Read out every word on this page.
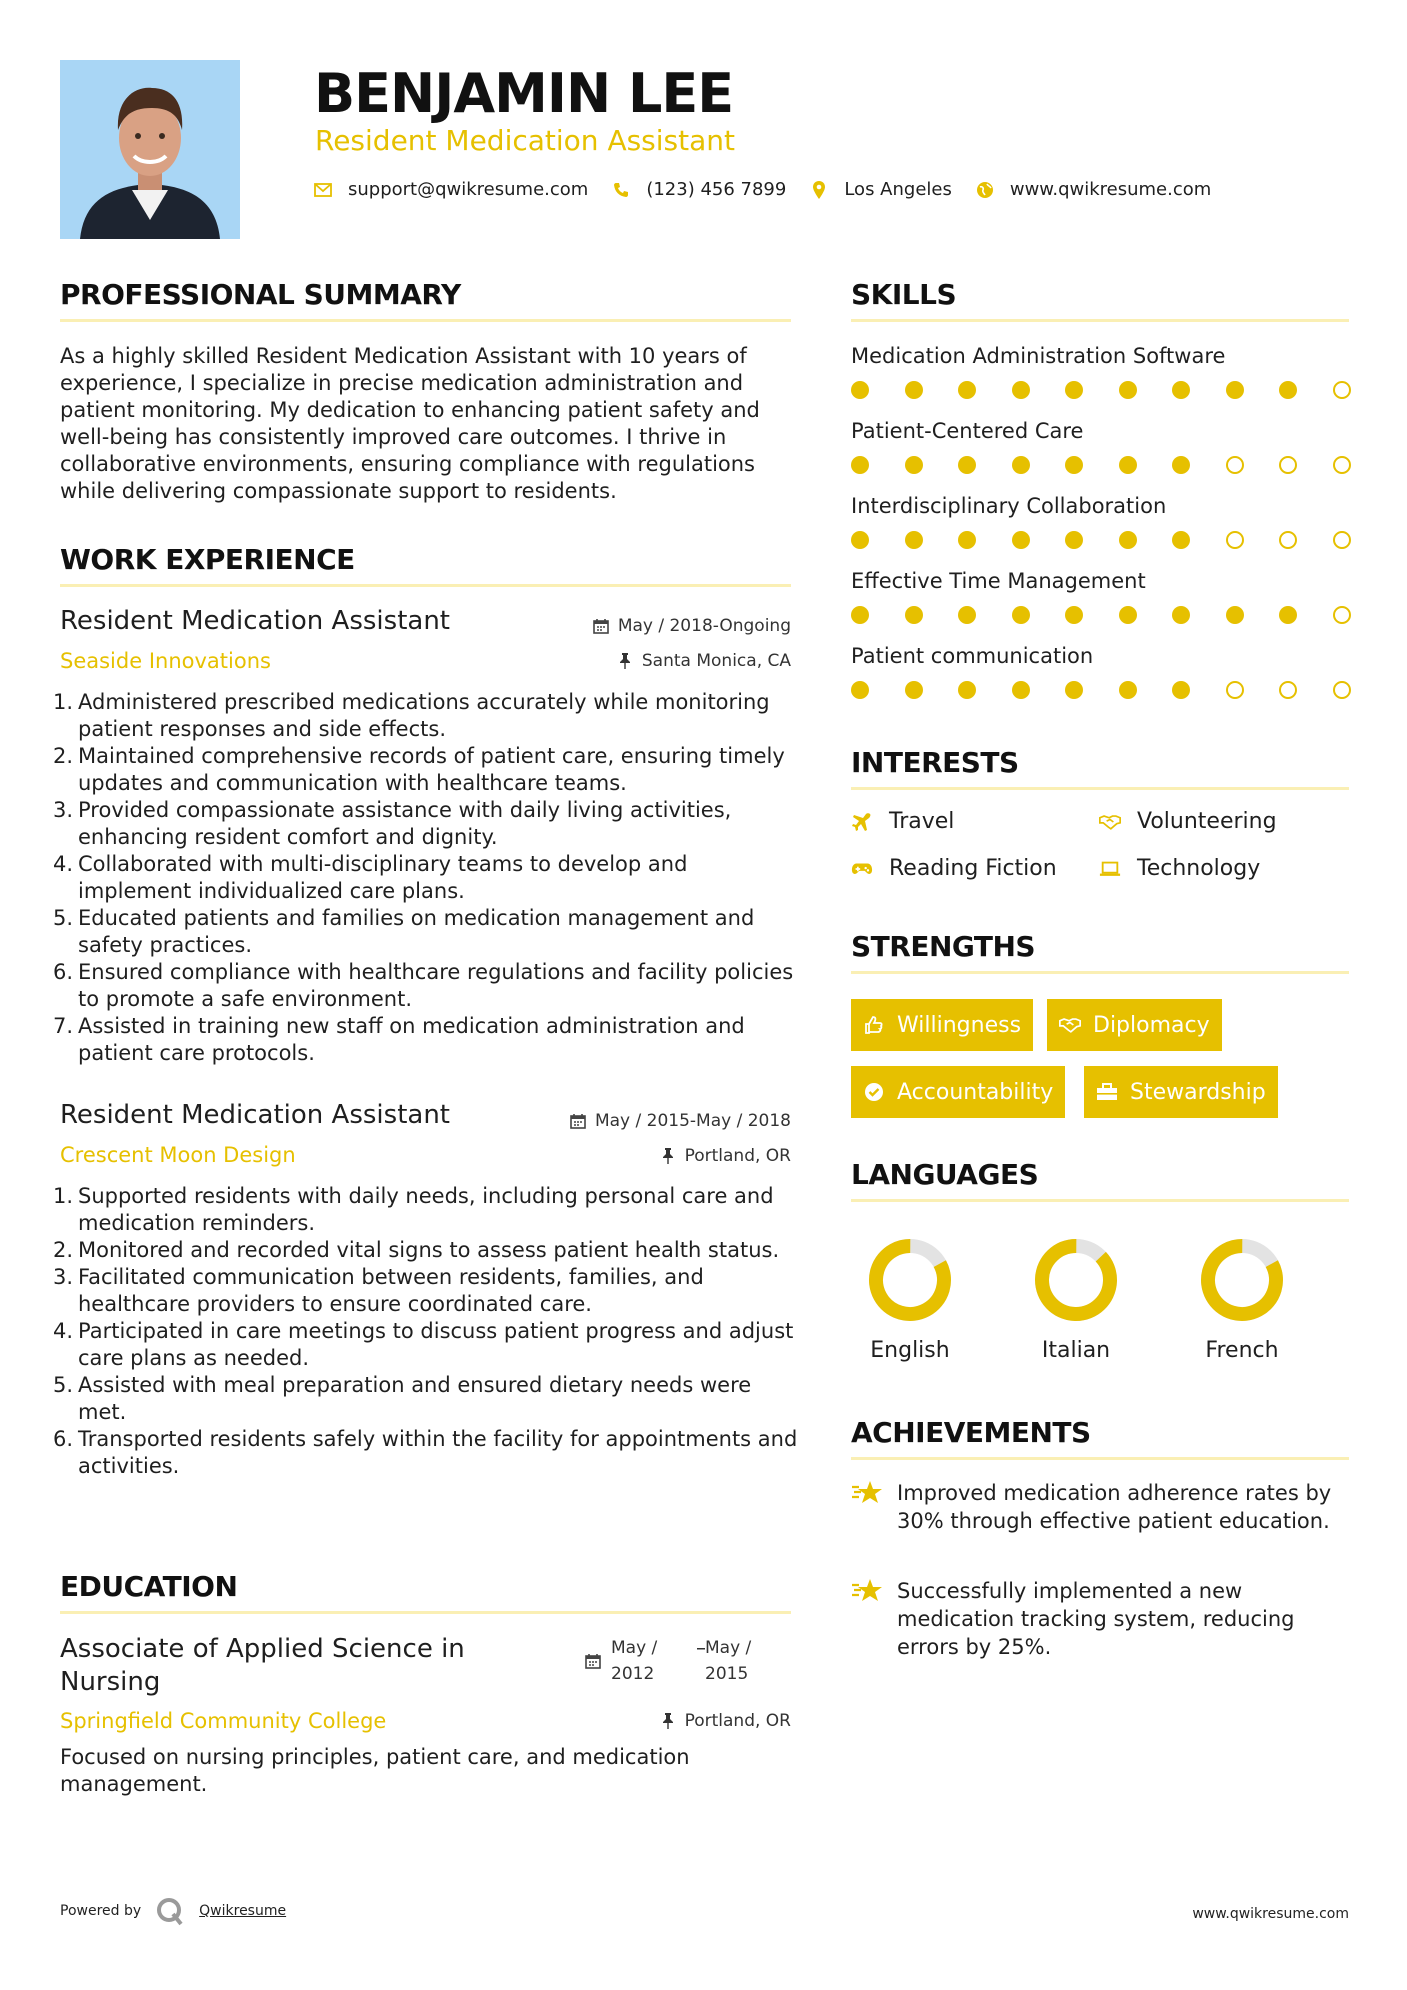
BENJAMIN LEE
Resident Medication Assistant
support@qwikresume.com	(123) 456 7899	Los Angeles	www.qwikresume.com
PROFESSIONAL SUMMARY
As a highly skilled Resident Medication Assistant with 10 years of experience, I specialize in precise medication administration and patient monitoring. My dedication to enhancing patient safety and well-being has consistently improved care outcomes. I thrive in collaborative environments, ensuring compliance with regulations while delivering compassionate support to residents.
WORK EXPERIENCE
Resident Medication Assistant	May / 2018-Ongoing
Seaside Innovations	Santa Monica, CA
1. Administered prescribed medications accurately while monitoring patient responses and side effects.
2. Maintained comprehensive records of patient care, ensuring timely updates and communication with healthcare teams.
3. Provided compassionate assistance with daily living activities, enhancing resident comfort and dignity.
4. Collaborated with multi-disciplinary teams to develop and implement individualized care plans.
5. Educated patients and families on medication management and safety practices.
6. Ensured compliance with healthcare regulations and facility policies to promote a safe environment.
7. Assisted in training new staff on medication administration and patient care protocols.
Resident Medication Assistant	May / 2015-May / 2018
Crescent Moon Design	Portland, OR
1. Supported residents with daily needs, including personal care and medication reminders.
2. Monitored and recorded vital signs to assess patient health status.
3. Facilitated communication between residents, families, and healthcare providers to ensure coordinated care.
4. Participated in care meetings to discuss patient progress and adjust care plans as needed.
5. Assisted with meal preparation and ensured dietary needs were met.
6. Transported residents safely within the facility for appointments and activities.
EDUCATION
Associate of Applied Science in
Nursing
May /
2012
May /
2015
Springfield Community College	Portland, OR
Focused on nursing principles, patient care, and medication management.
SKILLS
Medication Administration Software
Patient-Centered Care
Interdisciplinary Collaboration
Effective Time Management
Patient communication
INTERESTS
Travel	Volunteering
Reading Fiction	Technology
STRENGTHS
Willingness	Diplomacy
Accountability	Stewardship
LANGUAGES
English	Italian	French
ACHIEVEMENTS
Improved medication adherence rates by 30% through effective patient education.
Successfully implemented a new medication tracking system, reducing errors by 25%.
Powered by	Qwikresume	www.qwikresume.com
